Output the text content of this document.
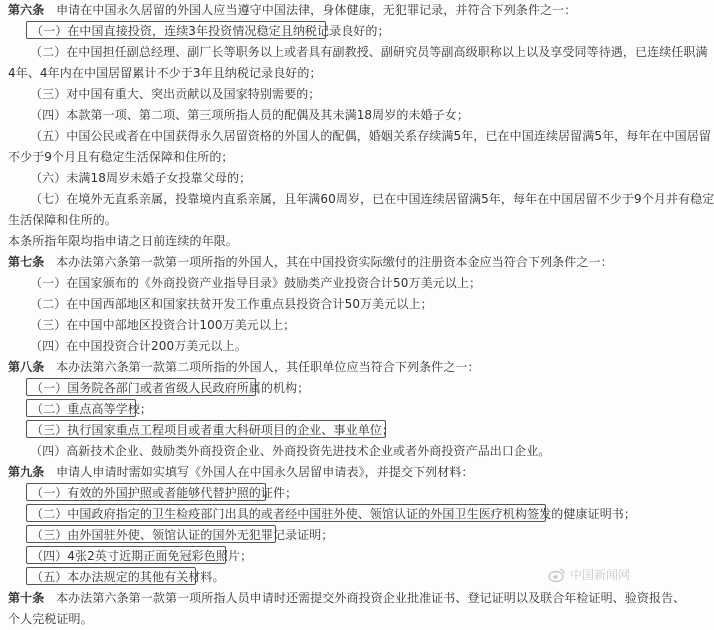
第六条 申请在中国永久居留的外国人应当遵守中国法律，身体健康，无犯罪记录，并符合下列条件之一：
（一）在中国直接投资，连续3年投资情况稳定且纳税记录良好的；
（二）在中国担任副总经理、副厂长等职务以上或者具有副教授、副研究员等副高级职称以上以及享受同等待遇，已连续任职满
4年、4年内在中国居留累计不少于3年且纳税记录良好的；
（三）对中国有重大、突出贡献以及国家特别需要的；
（四）本款第一项、第二项、第三项所指人员的配偶及其未满18周岁的未婚子女；
（五）中国公民或者在中国获得永久居留资格的外国人的配偶，婚姻关系存续满5年，已在中国连续居留满5年，每年在中国居留
不少于9个月且有稳定生活保障和住所的；
（六）未满18周岁未婚子女投靠父母的；
（七）在境外无直系亲属，投靠境内直系亲属，且年满60周岁，已在中国连续居留满5年，每年在中国居留不少于9个月并有稳定
生活保障和住所的。
本条所指年限均指申请之日前连续的年限。
第七条 本办法第六条第一款第一项所指的外国人，其在中国投资实际缴付的注册资本金应当符合下列条件之一：
（一）在国家颁布的《外商投资产业指导目录》鼓励类产业投资合计50万美元以上；
（二）在中国西部地区和国家扶贫开发工作重点县投资合计50万美元以上；
（三）在中国中部地区投资合计100万美元以上；
（四）在中国投资合计200万美元以上。
第八条 本办法第六条第一款第二项所指的外国人，其任职单位应当符合下列条件之一：
（一）国务院各部门或者省级人民政府所属的机构；
（二）重点高等学校；
（三）执行国家重点工程项目或者重大科研项目的企业、事业单位；
（四）高新技术企业、鼓励类外商投资企业、外商投资先进技术企业或者外商投资产品出口企业。
第九条 申请人申请时需如实填写《外国人在中国永久居留申请表》，并提交下列材料：
（一）有效的外国护照或者能够代替护照的证件；
（二）中国政府指定的卫生检疫部门出具的或者经中国驻外使、领馆认证的外国卫生医疗机构签发的健康证明书；
（三）由外国驻外使、领馆认证的国外无犯罪记录证明；
（四）4张2英寸近期正面免冠彩色照片；
（五）本办法规定的其他有关材料。
第十条 本办法第六条第一款第一项所指人员申请时还需提交外商投资企业批准证书、登记证明以及联合年检证明、验资报告、
个人完税证明。
中国新闻网
